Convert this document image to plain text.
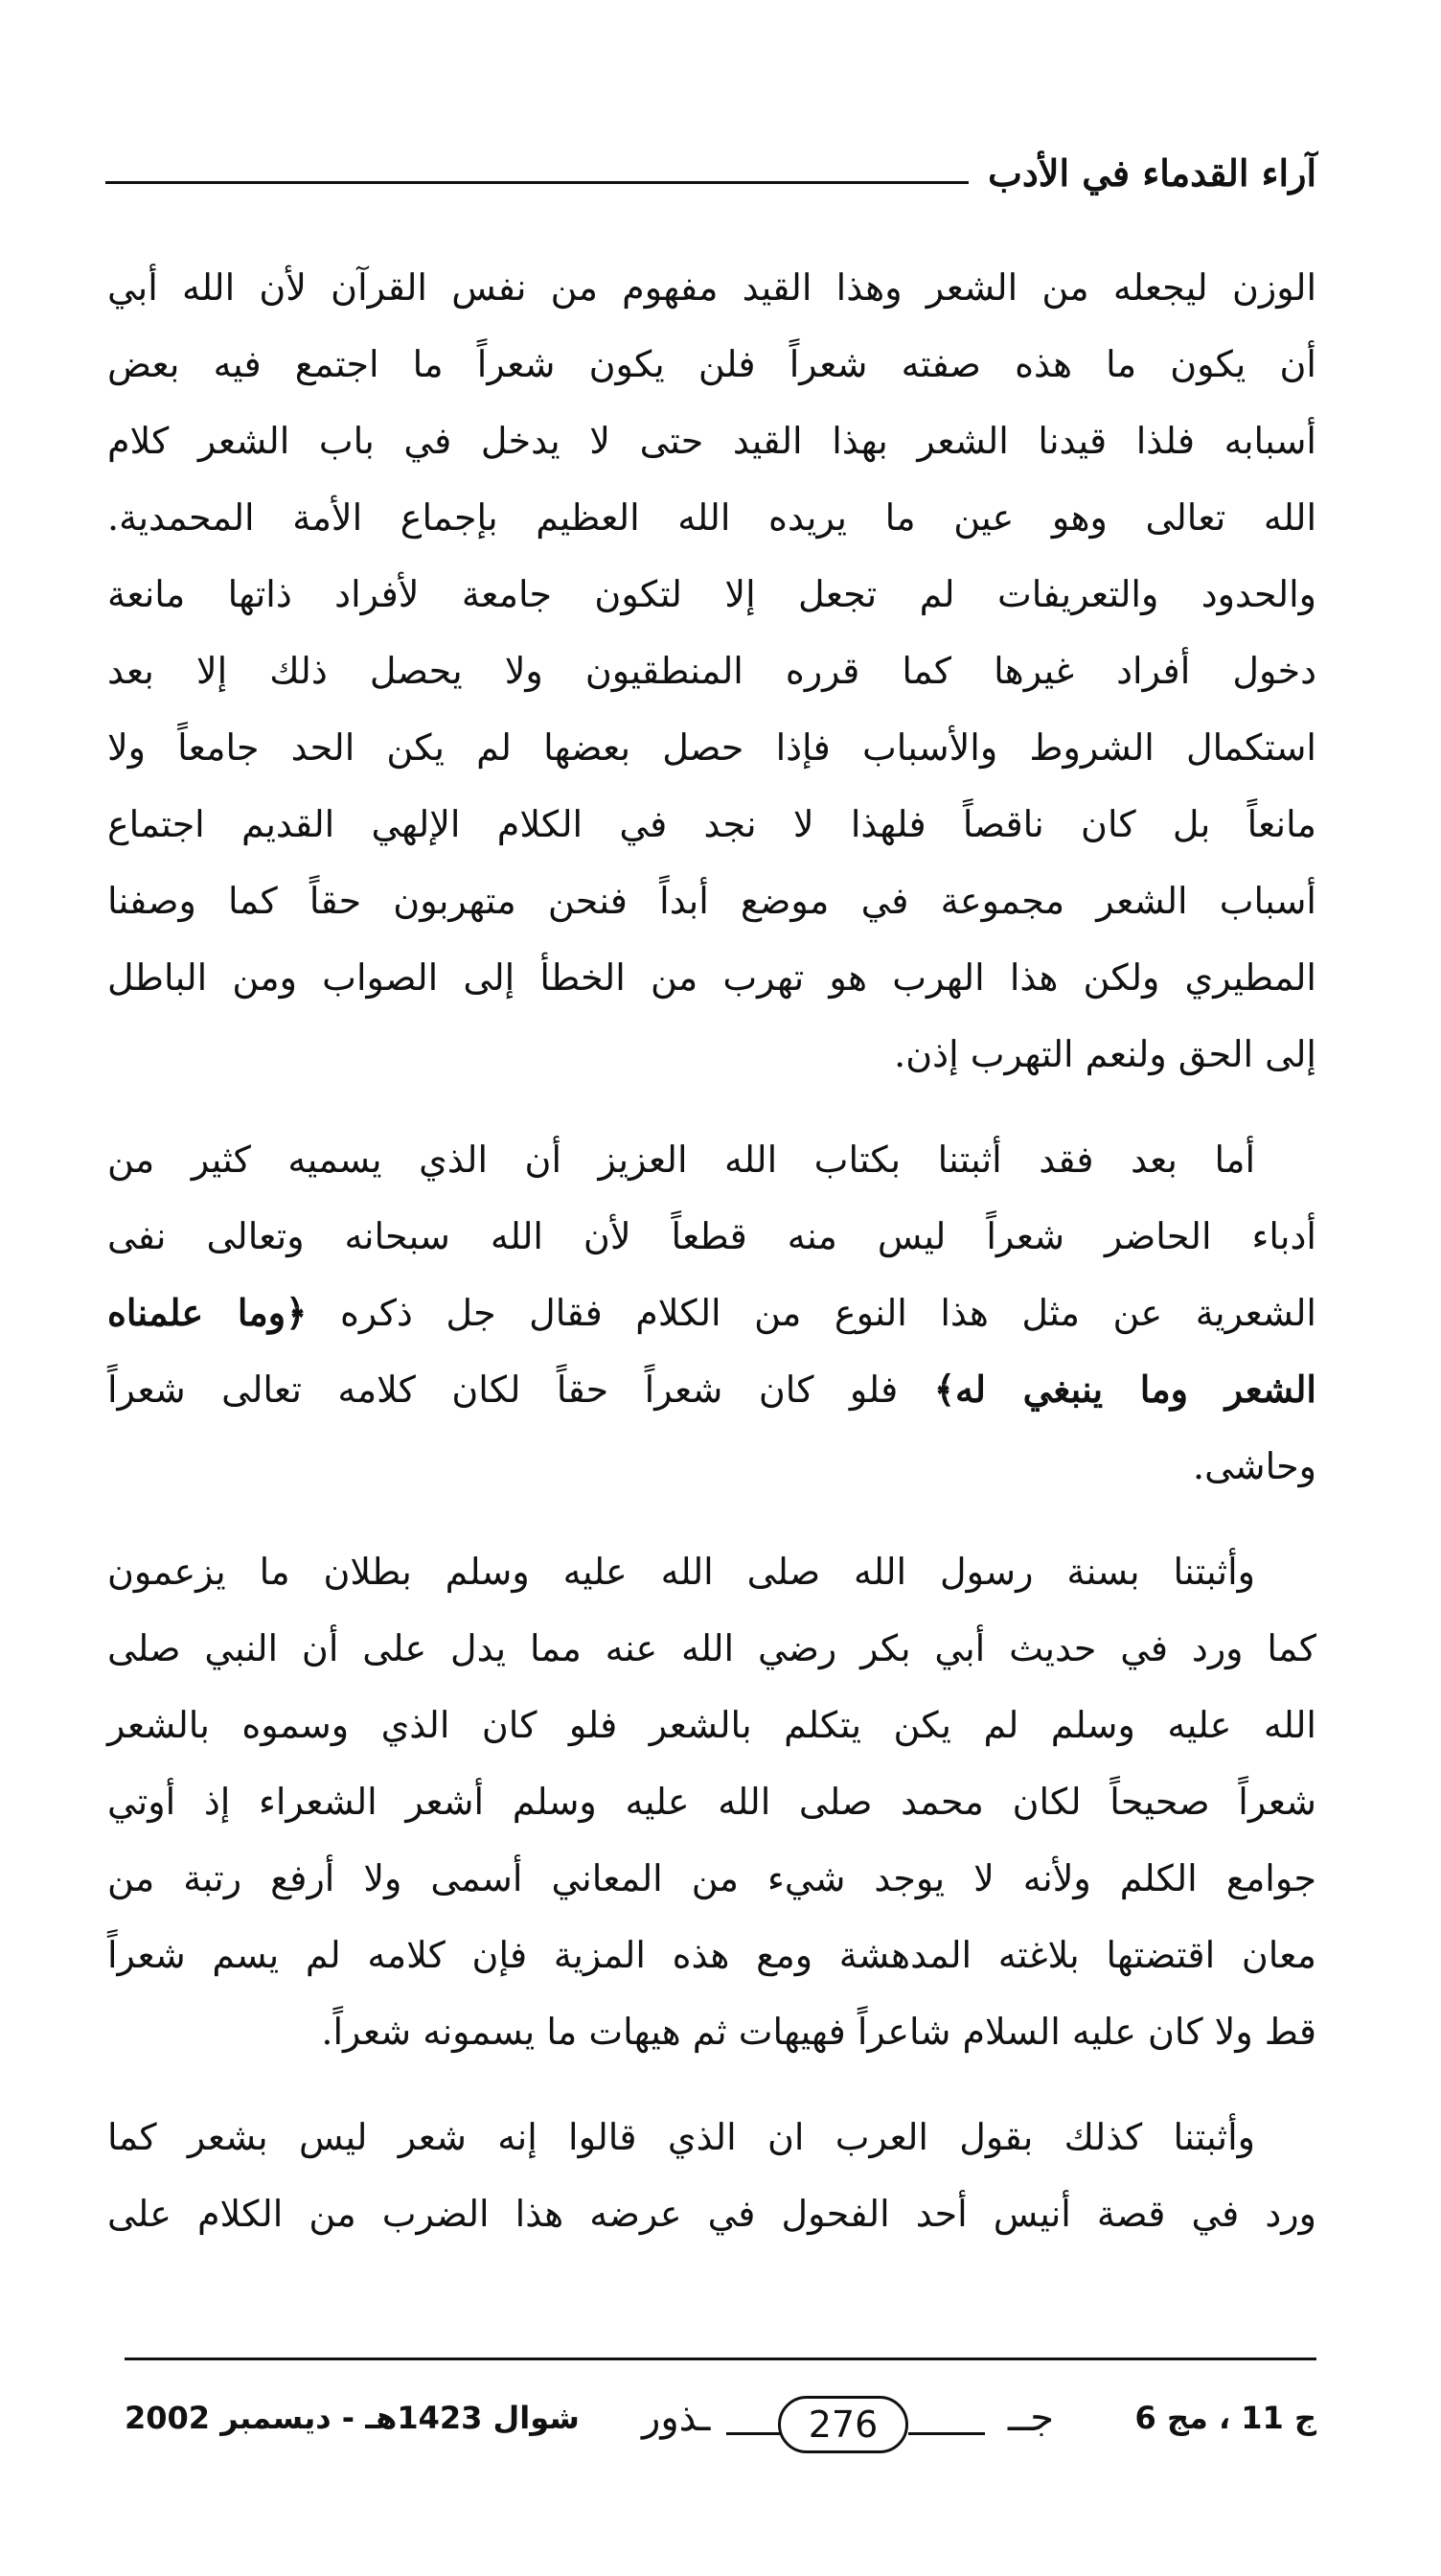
آراء القدماء في الأدب
الوزن ليجعله من الشعر وهذا القيد مفهوم من نفس القرآن لأن الله أبي
أن يكون ما هذه صفته شعراً فلن يكون شعراً ما اجتمع فيه بعض
أسبابه فلذا قيدنا الشعر بهذا القيد حتى لا يدخل في باب الشعر كلام
الله تعالى وهو عين ما يريده الله العظيم بإجماع الأمة المحمدية.
والحدود والتعريفات لم تجعل إلا لتكون جامعة لأفراد ذاتها مانعة
دخول أفراد غيرها كما قرره المنطقيون ولا يحصل ذلك إلا بعد
استكمال الشروط والأسباب فإذا حصل بعضها لم يكن الحد جامعاً ولا
مانعاً بل كان ناقصاً فلهذا لا نجد في الكلام الإلهي القديم اجتماع
أسباب الشعر مجموعة في موضع أبداً فنحن متهربون حقاً كما وصفنا
المطيري ولكن هذا الهرب هو تهرب من الخطأ إلى الصواب ومن الباطل
إلى الحق ولنعم التهرب إذن.
أما بعد فقد أثبتنا بكتاب الله العزيز أن الذي يسميه كثير من
أدباء الحاضر شعراً ليس منه قطعاً لأن الله سبحانه وتعالى نفى
الشعرية عن مثل هذا النوع من الكلام فقال جل ذكره ﴿وما علمناه
الشعر وما ينبغي له﴾ فلو كان شعراً حقاً لكان كلامه تعالى شعراً
وحاشى.
وأثبتنا بسنة رسول الله صلى الله عليه وسلم بطلان ما يزعمون
كما ورد في حديث أبي بكر رضي الله عنه مما يدل على أن النبي صلى
الله عليه وسلم لم يكن يتكلم بالشعر فلو كان الذي وسموه بالشعر
شعراً صحيحاً لكان محمد صلى الله عليه وسلم أشعر الشعراء إذ أوتي
جوامع الكلم ولأنه لا يوجد شيء من المعاني أسمى ولا أرفع رتبة من
معان اقتضتها بلاغته المدهشة ومع هذه المزية فإن كلامه لم يسم شعراً
قط ولا كان عليه السلام شاعراً فهيهات ثم هيهات ما يسمونه شعراً.
وأثبتنا كذلك بقول العرب ان الذي قالوا إنه شعر ليس بشعر كما
ورد في قصة أنيس أحد الفحول في عرضه هذا الضرب من الكلام على
ج 11 ، مج 6
ـذور	276	جــ
شوال 1423هـ - ديسمبر 2002
